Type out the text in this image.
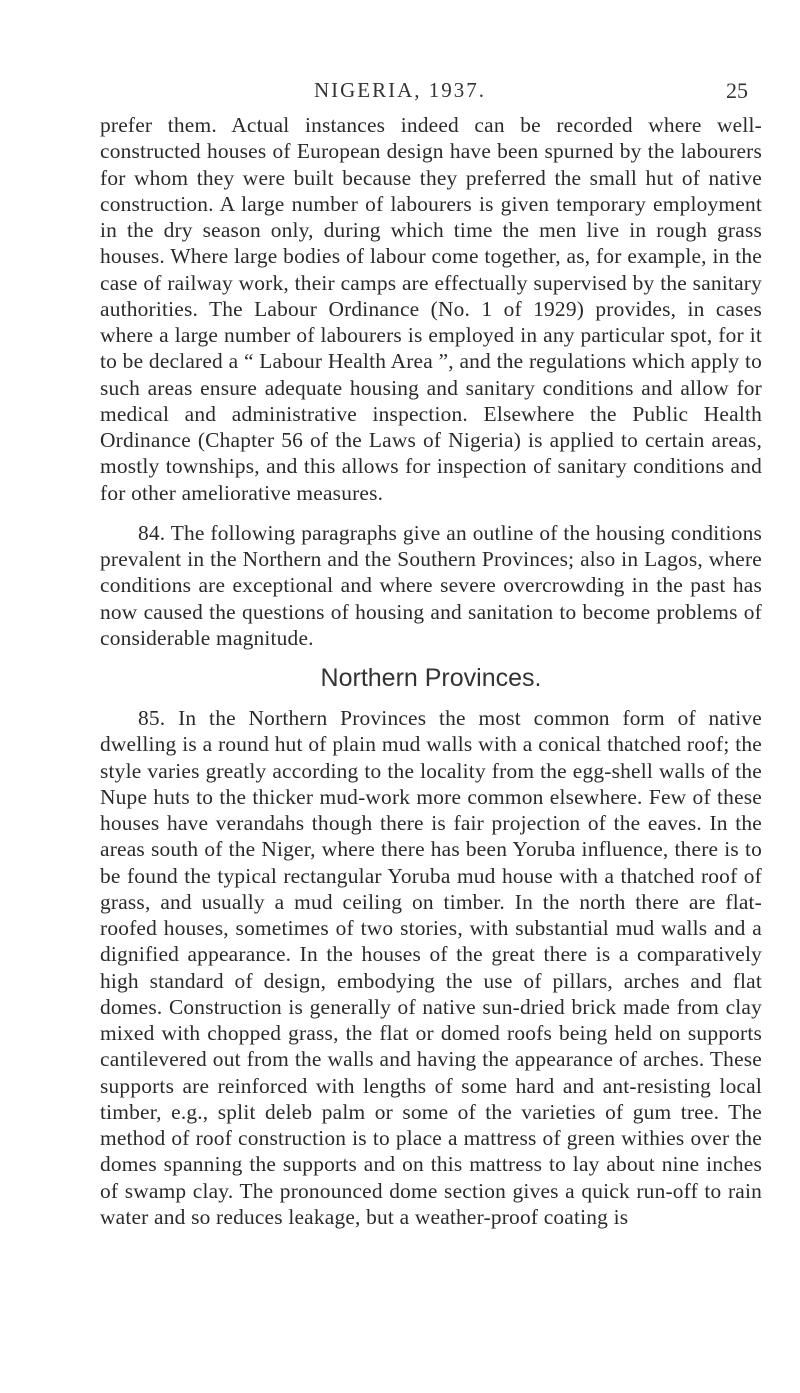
NIGERIA, 1937.	25

prefer them. Actual instances indeed can be recorded where well-constructed houses of European design have been spurned by the labourers for whom they were built because they preferred the small hut of native construction. A large number of labourers is given temporary employment in the dry season only, during which time the men live in rough grass houses. Where large bodies of labour come together, as, for example, in the case of railway work, their camps are effectually supervised by the sanitary authorities. The Labour Ordinance (No. 1 of 1929) provides, in cases where a large number of labourers is employed in any particular spot, for it to be declared a “ Labour Health Area ”, and the regulations which apply to such areas ensure adequate housing and sanitary conditions and allow for medical and administrative inspection. Elsewhere the Public Health Ordinance (Chapter 56 of the Laws of Nigeria) is applied to certain areas, mostly townships, and this allows for inspection of sanitary conditions and for other ameliorative measures.

84. The following paragraphs give an outline of the housing conditions prevalent in the Northern and the Southern Provinces; also in Lagos, where conditions are exceptional and where severe overcrowding in the past has now caused the questions of housing and sanitation to become problems of considerable magnitude.

Northern Provinces.

85. In the Northern Provinces the most common form of native dwelling is a round hut of plain mud walls with a conical thatched roof; the style varies greatly according to the locality from the egg-shell walls of the Nupe huts to the thicker mud-work more common elsewhere. Few of these houses have verandahs though there is fair projection of the eaves. In the areas south of the Niger, where there has been Yoruba influence, there is to be found the typical rectangular Yoruba mud house with a thatched roof of grass, and usually a mud ceiling on timber. In the north there are flat-roofed houses, sometimes of two stories, with substantial mud walls and a dignified appearance. In the houses of the great there is a comparatively high standard of design, embodying the use of pillars, arches and flat domes. Construction is generally of native sun-dried brick made from clay mixed with chopped grass, the flat or domed roofs being held on supports cantilevered out from the walls and having the appearance of arches. These supports are reinforced with lengths of some hard and ant-resisting local timber, e.g., split deleb palm or some of the varieties of gum tree. The method of roof construction is to place a mattress of green withies over the domes spanning the supports and on this mattress to lay about nine inches of swamp clay. The pronounced dome section gives a quick run-off to rain water and so reduces leakage, but a weather-proof coating is
